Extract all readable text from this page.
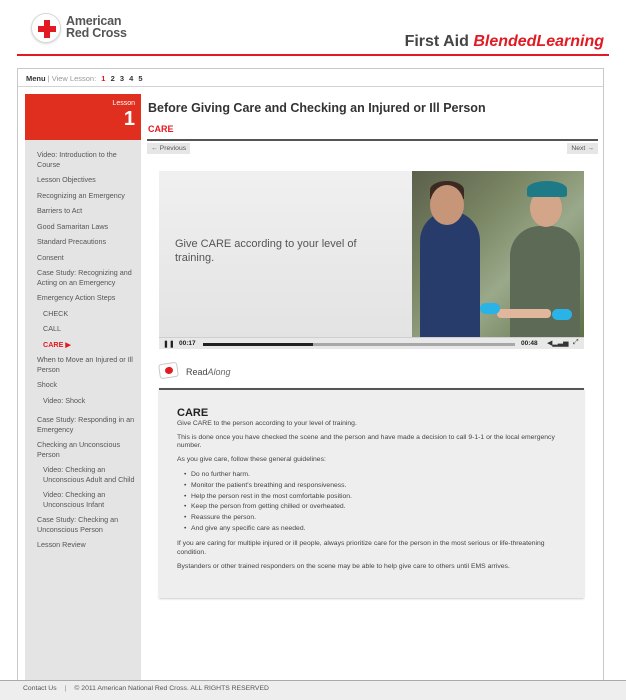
American
Red Cross	First Aid BlendedLearning
Menu | View Lesson: 1 2 3 4 5
Lesson
1
Video: Introduction to the Course
Lesson Objectives
Recognizing an Emergency
Barriers to Act
Good Samaritan Laws
Standard Precautions
Consent
Case Study: Recognizing and Acting on an Emergency
Emergency Action Steps
CHECK
CALL
CARE ▶
When to Move an Injured or Ill Person
Shock
Video: Shock
Case Study: Responding in an Emergency
Checking an Unconscious Person
Video: Checking an Unconscious Adult and Child
Video: Checking an Unconscious Infant
Case Study: Checking an Unconscious Person
Lesson Review
Before Giving Care and Checking an Injured or Ill Person
CARE
← Previous	Next →
Give CARE according to your level of training.
❚❚ 00:17	00:48 ◀▂▃▅ ⤢
ReadAlong
CARE

Give CARE to the person according to your level of training.

This is done once you have checked the scene and the person and have made a decision to call 9-1-1 or the local emergency number.

As you give care, follow these general guidelines:

• Do no further harm.
• Monitor the patient's breathing and responsiveness.
• Help the person rest in the most comfortable position.
• Keep the person from getting chilled or overheated.
• Reassure the person.
• And give any specific care as needed.

If you are caring for multiple injured or ill people, always prioritize care for the person in the most serious or life-threatening condition.

Bystanders or other trained responders on the scene may be able to help give care to others until EMS arrives.

Contact Us | © 2011 American National Red Cross. ALL RIGHTS RESERVED
